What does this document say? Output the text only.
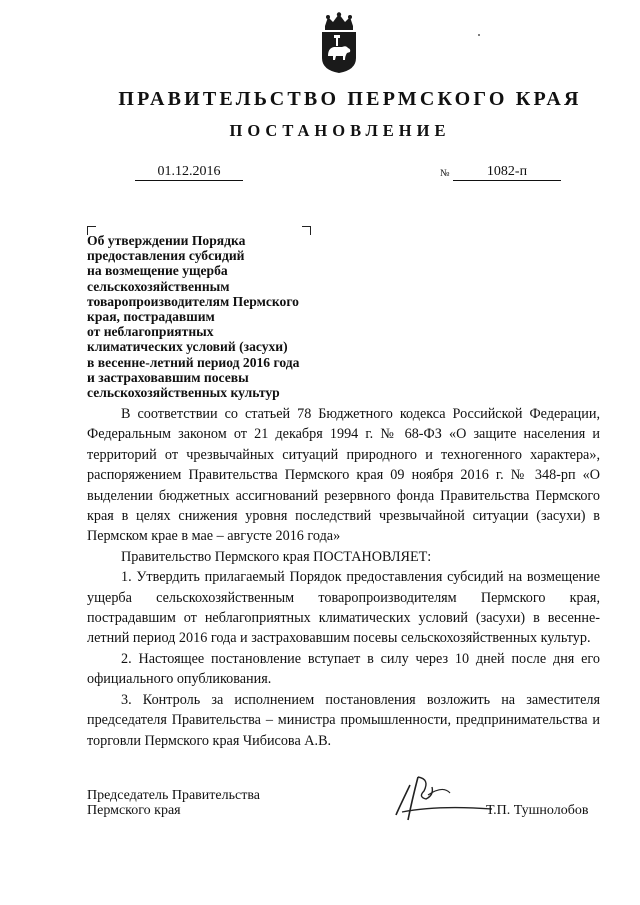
ПРАВИТЕЛЬСТВО ПЕРМСКОГО КРАЯ
ПОСТАНОВЛЕНИЕ
01.12.2016	№	1082-п
Об утверждении Порядка
предоставления субсидий
на возмещение ущерба
сельскохозяйственным
товаропроизводителям Пермского
края, пострадавшим
от неблагоприятных
климатических условий (засухи)
в весенне-летний период 2016 года
и застраховавшим посевы
сельскохозяйственных культур

В соответствии со статьей 78 Бюджетного кодекса Российской Федерации, Федеральным законом от 21 декабря 1994 г. № 68-ФЗ «О защите населения и территорий от чрезвычайных ситуаций природного и техногенного характера», распоряжением Правительства Пермского края 09 ноября 2016 г. № 348-рп «О выделении бюджетных ассигнований резервного фонда Правительства Пермского края в целях снижения уровня последствий чрезвычайной ситуации (засухи) в Пермском крае в мае – августе 2016 года»

Правительство Пермского края ПОСТАНОВЛЯЕТ:

1. Утвердить прилагаемый Порядок предоставления субсидий на возмещение ущерба сельскохозяйственным товаропроизводителям Пермского края, пострадавшим от неблагоприятных климатических условий (засухи) в весенне-летний период 2016 года и застраховавшим посевы сельскохозяйственных культур.

2. Настоящее постановление вступает в силу через 10 дней после дня его официального опубликования.

3. Контроль за исполнением постановления возложить на заместителя председателя Правительства – министра промышленности, предпринимательства и торговли Пермского края Чибисова А.В.

Председатель Правительства
Пермского края	Т.П. Тушнолобов
